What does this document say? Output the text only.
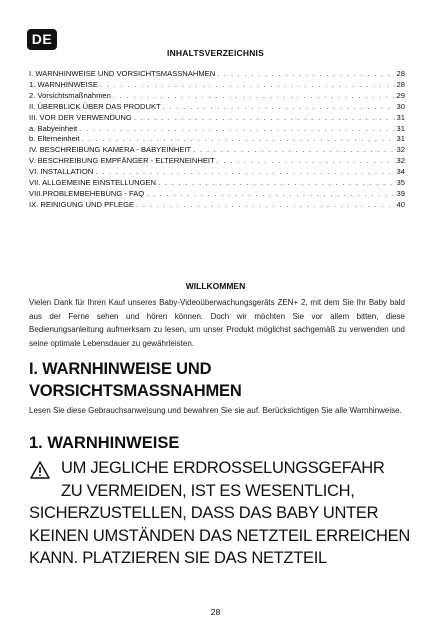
DE
INHALTSVERZEICHNIS
I. WARNHINWEISE UND VORSICHTSMASSNAHMEN . . .	28
1. WARNHINWEISE . . .	28
2. Vorsichtsmaßnahmen . . .	29
II. ÜBERBLICK ÜBER DAS PRODUKT . . .	30
III. VOR DER VERWENDUNG . . .	31
a. Babyeinheit . . .	31
b. Elterneinheit . . .	31
IV. BESCHREIBUNG KAMERA - BABYEINHEIT . . .	32
V. BESCHREIBUNG EMPFÄNGER - ELTERNEINHEIT . . .	32
VI. INSTALLATION . . .	34
VII. ALLGEMEINE EINSTELLUNGEN . . .	35
VIII.PROBLEMBEHEBUNG - FAQ . . .	39
IX. REINIGUNG UND PFLEGE . . .	40
WILLKOMMEN
Vielen Dank für Ihren Kauf unseres Baby-Videoüberwachungsgeräts ZEN+ 2, mit dem Sie Ihr Baby bald aus der Ferne sehen und hören können. Doch wir möchten Sie vor allem bitten, diese Bedienungsanleitung aufmerksam zu lesen, um unser Produkt möglichst sachgemäß zu verwenden und seine optimale Lebensdauer zu gewährleisten.
I. WARNHINWEISE UND VORSICHTSMASSNAHMEN
Lesen Sie diese Gebrauchsanweisung und bewahren Sie sie auf. Berücksichtigen Sie alle Warnhinweise.
1. WARNHINWEISE
UM JEGLICHE ERDROSSELUNGSGEFAHR
ZU VERMEIDEN, IST ES WESENTLICH,
SICHERZUSTELLEN, DASS DAS BABY UNTER KEINEN UMSTÄNDEN DAS NETZTEIL ERREICHEN KANN. PLATZIEREN SIE DAS NETZTEIL
28
